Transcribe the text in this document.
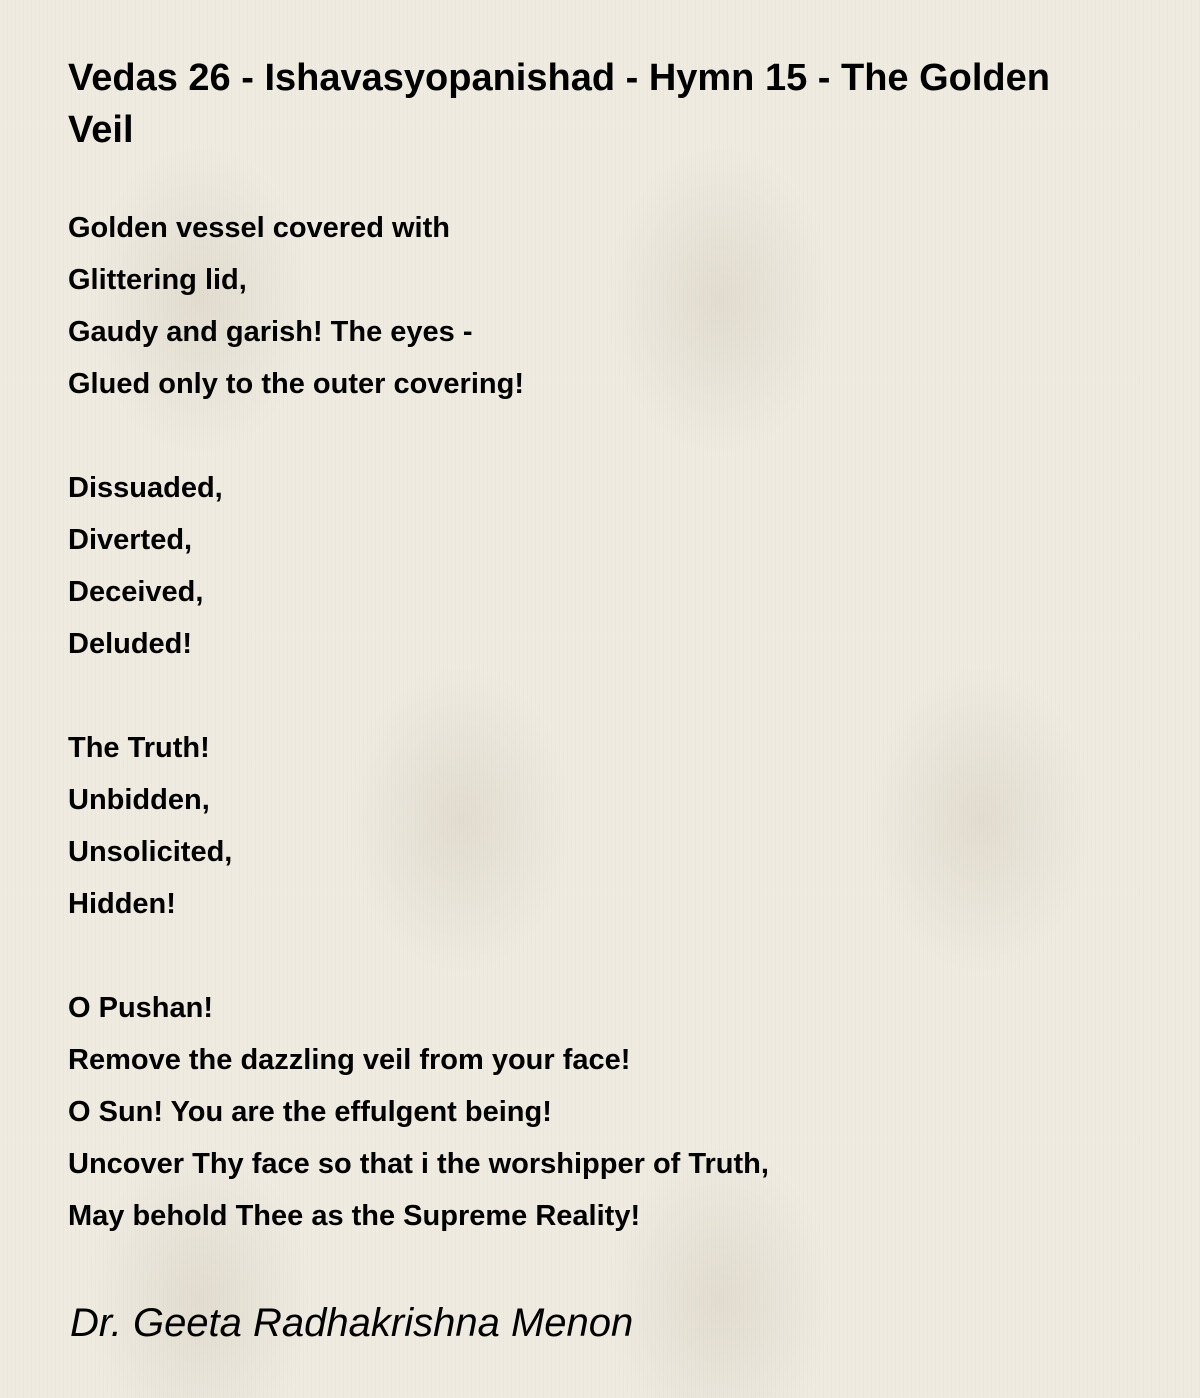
Vedas 26 - Ishavasyopanishad - Hymn 15 - The Golden Veil
Golden vessel covered with
Glittering lid,
Gaudy and garish! The eyes -
Glued only to the outer covering!
Dissuaded,
Diverted,
Deceived,
Deluded!
The Truth!
Unbidden,
Unsolicited,
Hidden!
O Pushan!
Remove the dazzling veil from your face!
O Sun! You are the effulgent being!
Uncover Thy face so that i the worshipper of Truth,
May behold Thee as the Supreme Reality!

Dr. Geeta Radhakrishna Menon
